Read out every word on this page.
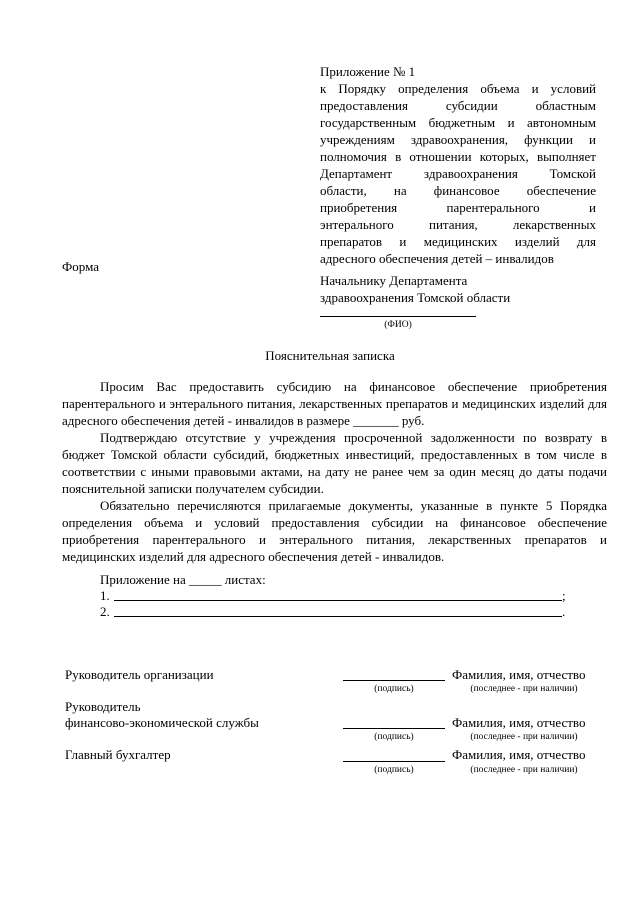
Приложение № 1
к Порядку определения объема и условий
предоставления субсидии областным
государственным бюджетным и автономным
учреждениям здравоохранения, функции и
полномочия в отношении которых, выполняет
Департамент здравоохранения Томской
области, на финансовое обеспечение
приобретения парентерального и
энтерального питания, лекарственных
препаратов и медицинских изделий для
адресного обеспечения детей – инвалидов
Форма
Начальнику Департамента
здравоохранения Томской области
(ФИО)
Пояснительная записка
Просим Вас предоставить субсидию на финансовое обеспечение приобретения парентерального и энтерального питания, лекарственных препаратов и медицинских изделий для адресного обеспечения детей - инвалидов в размере _______ руб.
Подтверждаю отсутствие у учреждения просроченной задолженности по возврату в бюджет Томской области субсидий, бюджетных инвестиций, предоставленных в том числе в соответствии с иными правовыми актами, на дату не ранее чем за один месяц до даты подачи пояснительной записки получателем субсидии.
Обязательно перечисляются прилагаемые документы, указанные в пункте 5 Порядка определения объема и условий предоставления субсидии на финансовое обеспечение приобретения парентерального и энтерального питания, лекарственных препаратов и медицинских изделий для адресного обеспечения детей - инвалидов.
Приложение на _____ листах:
1.	;
2.	.
Руководитель организации	Фамилия, имя, отчество
(подпись)	(последнее - при наличии)
Руководитель
финансово-экономической службы	Фамилия, имя, отчество
(подпись)	(последнее - при наличии)
Главный бухгалтер	Фамилия, имя, отчество
(подпись)	(последнее - при наличии)
